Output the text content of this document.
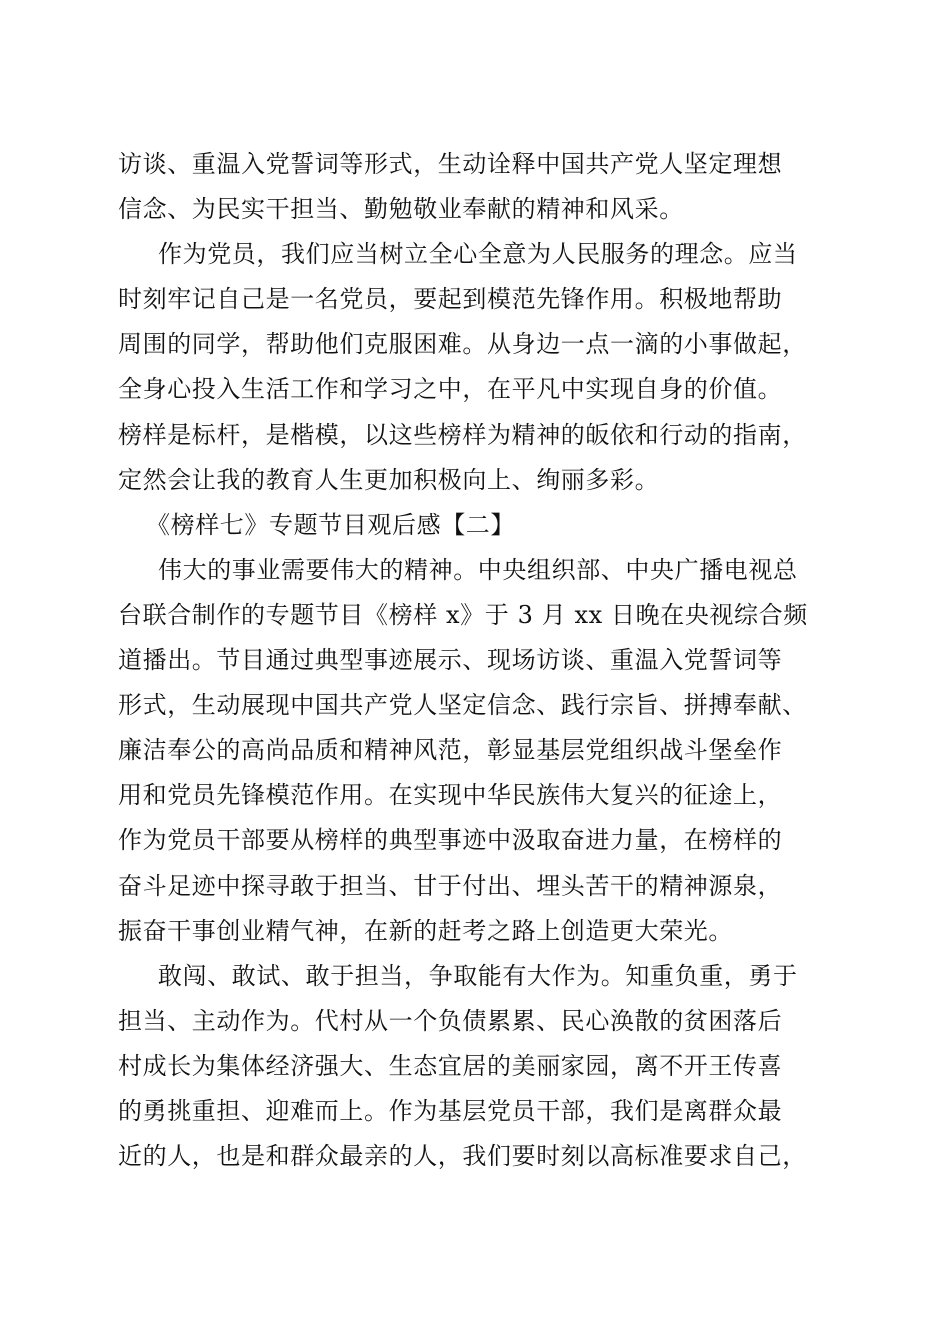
访谈、重温入党誓词等形式，生动诠释中国共产党人坚定理想
信念、为民实干担当、勤勉敬业奉献的精神和风采。
作为党员，我们应当树立全心全意为人民服务的理念。应当
时刻牢记自己是一名党员，要起到模范先锋作用。积极地帮助
周围的同学，帮助他们克服困难。从身边一点一滴的小事做起，
全身心投入生活工作和学习之中，在平凡中实现自身的价值。
榜样是标杆，是楷模，以这些榜样为精神的皈依和行动的指南，
定然会让我的教育人生更加积极向上、绚丽多彩。
《榜样七》专题节目观后感【二】
伟大的事业需要伟大的精神。中央组织部、中央广播电视总
台联合制作的专题节目《榜样 x》于 3 月 xx 日晚在央视综合频
道播出。节目通过典型事迹展示、现场访谈、重温入党誓词等
形式，生动展现中国共产党人坚定信念、践行宗旨、拼搏奉献、
廉洁奉公的高尚品质和精神风范，彰显基层党组织战斗堡垒作
用和党员先锋模范作用。在实现中华民族伟大复兴的征途上，
作为党员干部要从榜样的典型事迹中汲取奋进力量，在榜样的
奋斗足迹中探寻敢于担当、甘于付出、埋头苦干的精神源泉，
振奋干事创业精气神，在新的赶考之路上创造更大荣光。
敢闯、敢试、敢于担当，争取能有大作为。知重负重，勇于
担当、主动作为。代村从一个负债累累、民心涣散的贫困落后
村成长为集体经济强大、生态宜居的美丽家园，离不开王传喜
的勇挑重担、迎难而上。作为基层党员干部，我们是离群众最
近的人，也是和群众最亲的人，我们要时刻以高标准要求自己，
